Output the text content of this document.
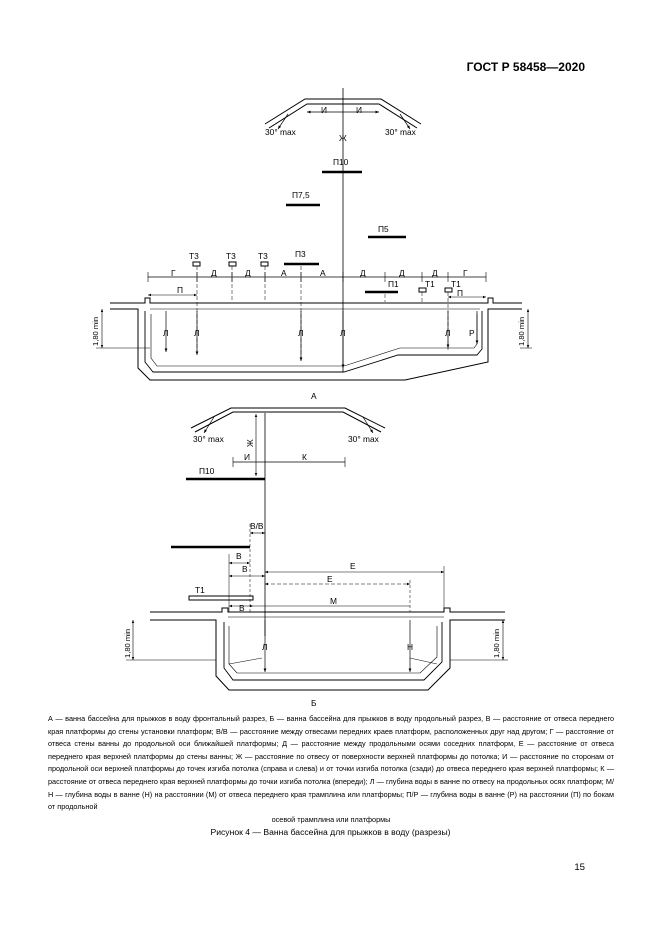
ГОСТ Р 58458—2020
30° max	30° max
И	И
Ж
П10
П7,5
П5
П3
П1
Т3	Т3	Т3
Т1 Т1
Г	Д	Д	А	А	Д	Д	Д	Г
П	П
Л	Л	Л	Л	Л Р
1,80 min	1,80 min
А
30° max	30° max
Ж
И	К
П10
В/В
В
В	Е
Е
Т1
В
М
Л	Н
1,80 min	1,80 min
Б
А — ванна бассейна для прыжков в воду фронтальный разрез, Б — ванна бассейна для прыжков в воду продольный разрез, В — расстояние от отвеса переднего края платформы до стены установки платформ; В/В — расстояние между отвесами передних краев платформ, расположенных друг над другом; Г — расстояние от отвеса стены ванны до продольной оси ближайшей платформы; Д — расстояние между продольными осями соседних платформ, Е — расстояние от отвеса переднего края верхней платформы до стены ванны; Ж — расстояние по отвесу от поверхности верхней платформы до потолка; И — расстояние по сторонам от продольной оси верхней платформы до точек изгиба потолка (справа и слева) и от точки изгиба потолка (сзади) до отвеса переднего края верхней платформы; К — расстояние от отвеса переднего края верхней платформы до точки изгиба потолка (впереди); Л — глубина воды в ванне по отвесу на продольных осях платформ; М/Н — глубина воды в ванне (Н) на расстоянии (М) от отвеса переднего края трамплина или платформы; П/Р — глубина воды в ванне (Р) на расстоянии (П) по бокам от продольной
осевой трамплина или платформы
Рисунок 4 — Ванна бассейна для прыжков в воду (разрезы)
15
